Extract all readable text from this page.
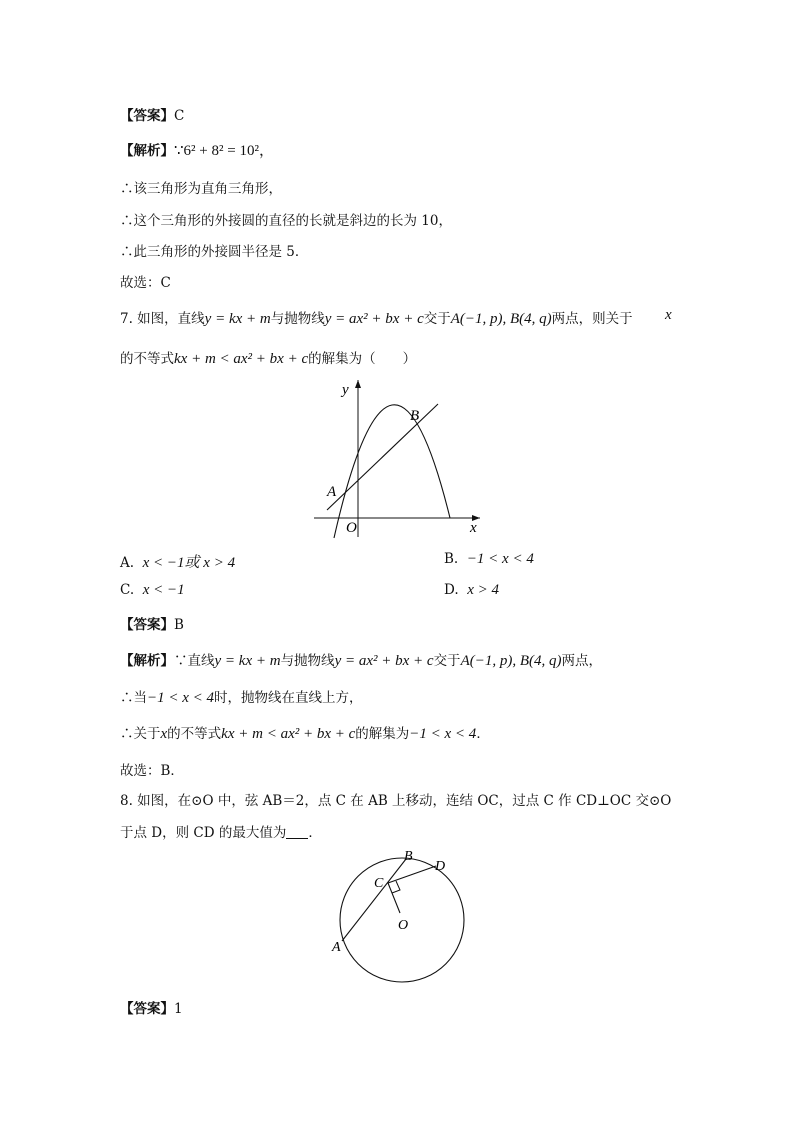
【答案】C
【解析】∵6² + 8² = 10²，
∴该三角形为直角三角形，
∴这个三角形的外接圆的直径的长就是斜边的长为 10，
∴此三角形的外接圆半径是 5．
故选：C
7. 如图，直线y = kx + m与抛物线y = ax² + bx + c交于A(−1, p), B(4, q)两点，则关于 x
的不等式kx + m < ax² + bx + c的解集为（　　）
y
x
O
A
B
A. x < −1或 x > 4	B. −1 < x < 4
C. x < −1	D. x > 4
【答案】B
【解析】∵直线y = kx + m与抛物线y = ax² + bx + c交于A(−1, p), B(4, q)两点，
∴当−1 < x < 4时，抛物线在直线上方，
∴关于x的不等式kx + m < ax² + bx + c的解集为−1 < x < 4．
故选：B．
8. 如图，在⊙O 中，弦 AB＝2，点 C 在 AB 上移动，连结 OC，过点 C 作 CD⊥OC 交⊙O
于点 D，则 CD 的最大值为 ．
A
B
C
D
O
【答案】1
